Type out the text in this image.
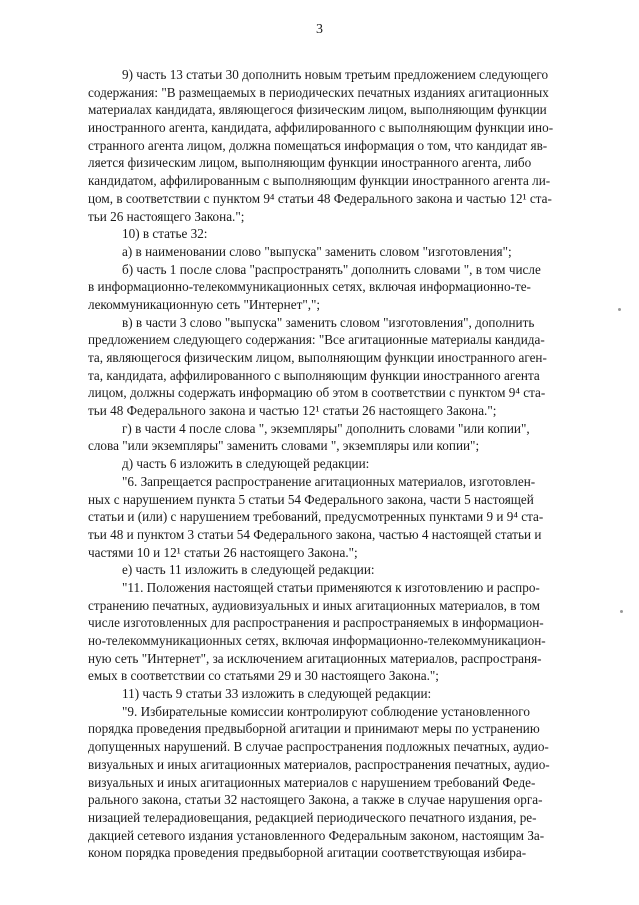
3
9) часть 13 статьи 30 дополнить новым третьим предложением следующего
содержания: "В размещаемых в периодических печатных изданиях агитационных
материалах кандидата, являющегося физическим лицом, выполняющим функции
иностранного агента, кандидата, аффилированного с выполняющим функции ино-
странного агента лицом, должна помещаться информация о том, что кандидат яв-
ляется физическим лицом, выполняющим функции иностранного агента, либо
кандидатом, аффилированным с выполняющим функции иностранного агента ли-
цом, в соответствии с пунктом 9⁴ статьи 48 Федерального закона и частью 12¹ ста-
тьи 26 настоящего Закона.";
10) в статье 32:
а) в наименовании слово "выпуска" заменить словом "изготовления";
б) часть 1 после слова "распространять" дополнить словами ", в том числе
в информационно-телекоммуникационных сетях, включая информационно-те-
лекоммуникационную сеть "Интернет",";
в) в части 3 слово "выпуска" заменить словом "изготовления", дополнить
предложением следующего содержания: "Все агитационные материалы кандида-
та, являющегося физическим лицом, выполняющим функции иностранного аген-
та, кандидата, аффилированного с выполняющим функции иностранного агента
лицом, должны содержать информацию об этом в соответствии с пунктом 9⁴ ста-
тьи 48 Федерального закона и частью 12¹ статьи 26 настоящего Закона.";
г) в части 4 после слова ", экземпляры" дополнить словами "или копии",
слова "или экземпляры" заменить словами ", экземпляры или копии";
д) часть 6 изложить в следующей редакции:
"6. Запрещается распространение агитационных материалов, изготовлен-
ных с нарушением пункта 5 статьи 54 Федерального закона, части 5 настоящей
статьи и (или) с нарушением требований, предусмотренных пунктами 9 и 9⁴ ста-
тьи 48 и пунктом 3 статьи 54 Федерального закона, частью 4 настоящей статьи и
частями 10 и 12¹ статьи 26 настоящего Закона.";
е) часть 11 изложить в следующей редакции:
"11. Положения настоящей статьи применяются к изготовлению и распро-
странению печатных, аудиовизуальных и иных агитационных материалов, в том
числе изготовленных для распространения и распространяемых в информацион-
но-телекоммуникационных сетях, включая информационно-телекоммуникацион-
ную сеть "Интернет", за исключением агитационных материалов, распространя-
емых в соответствии со статьями 29 и 30 настоящего Закона.";
11) часть 9 статьи 33 изложить в следующей редакции:
"9. Избирательные комиссии контролируют соблюдение установленного
порядка проведения предвыборной агитации и принимают меры по устранению
допущенных нарушений. В случае распространения подложных печатных, аудио-
визуальных и иных агитационных материалов, распространения печатных, аудио-
визуальных и иных агитационных материалов с нарушением требований Феде-
рального закона, статьи 32 настоящего Закона, а также в случае нарушения орга-
низацией телерадиовещания, редакцией периодического печатного издания, ре-
дакцией сетевого издания установленного Федеральным законом, настоящим За-
коном порядка проведения предвыборной агитации соответствующая избира-
